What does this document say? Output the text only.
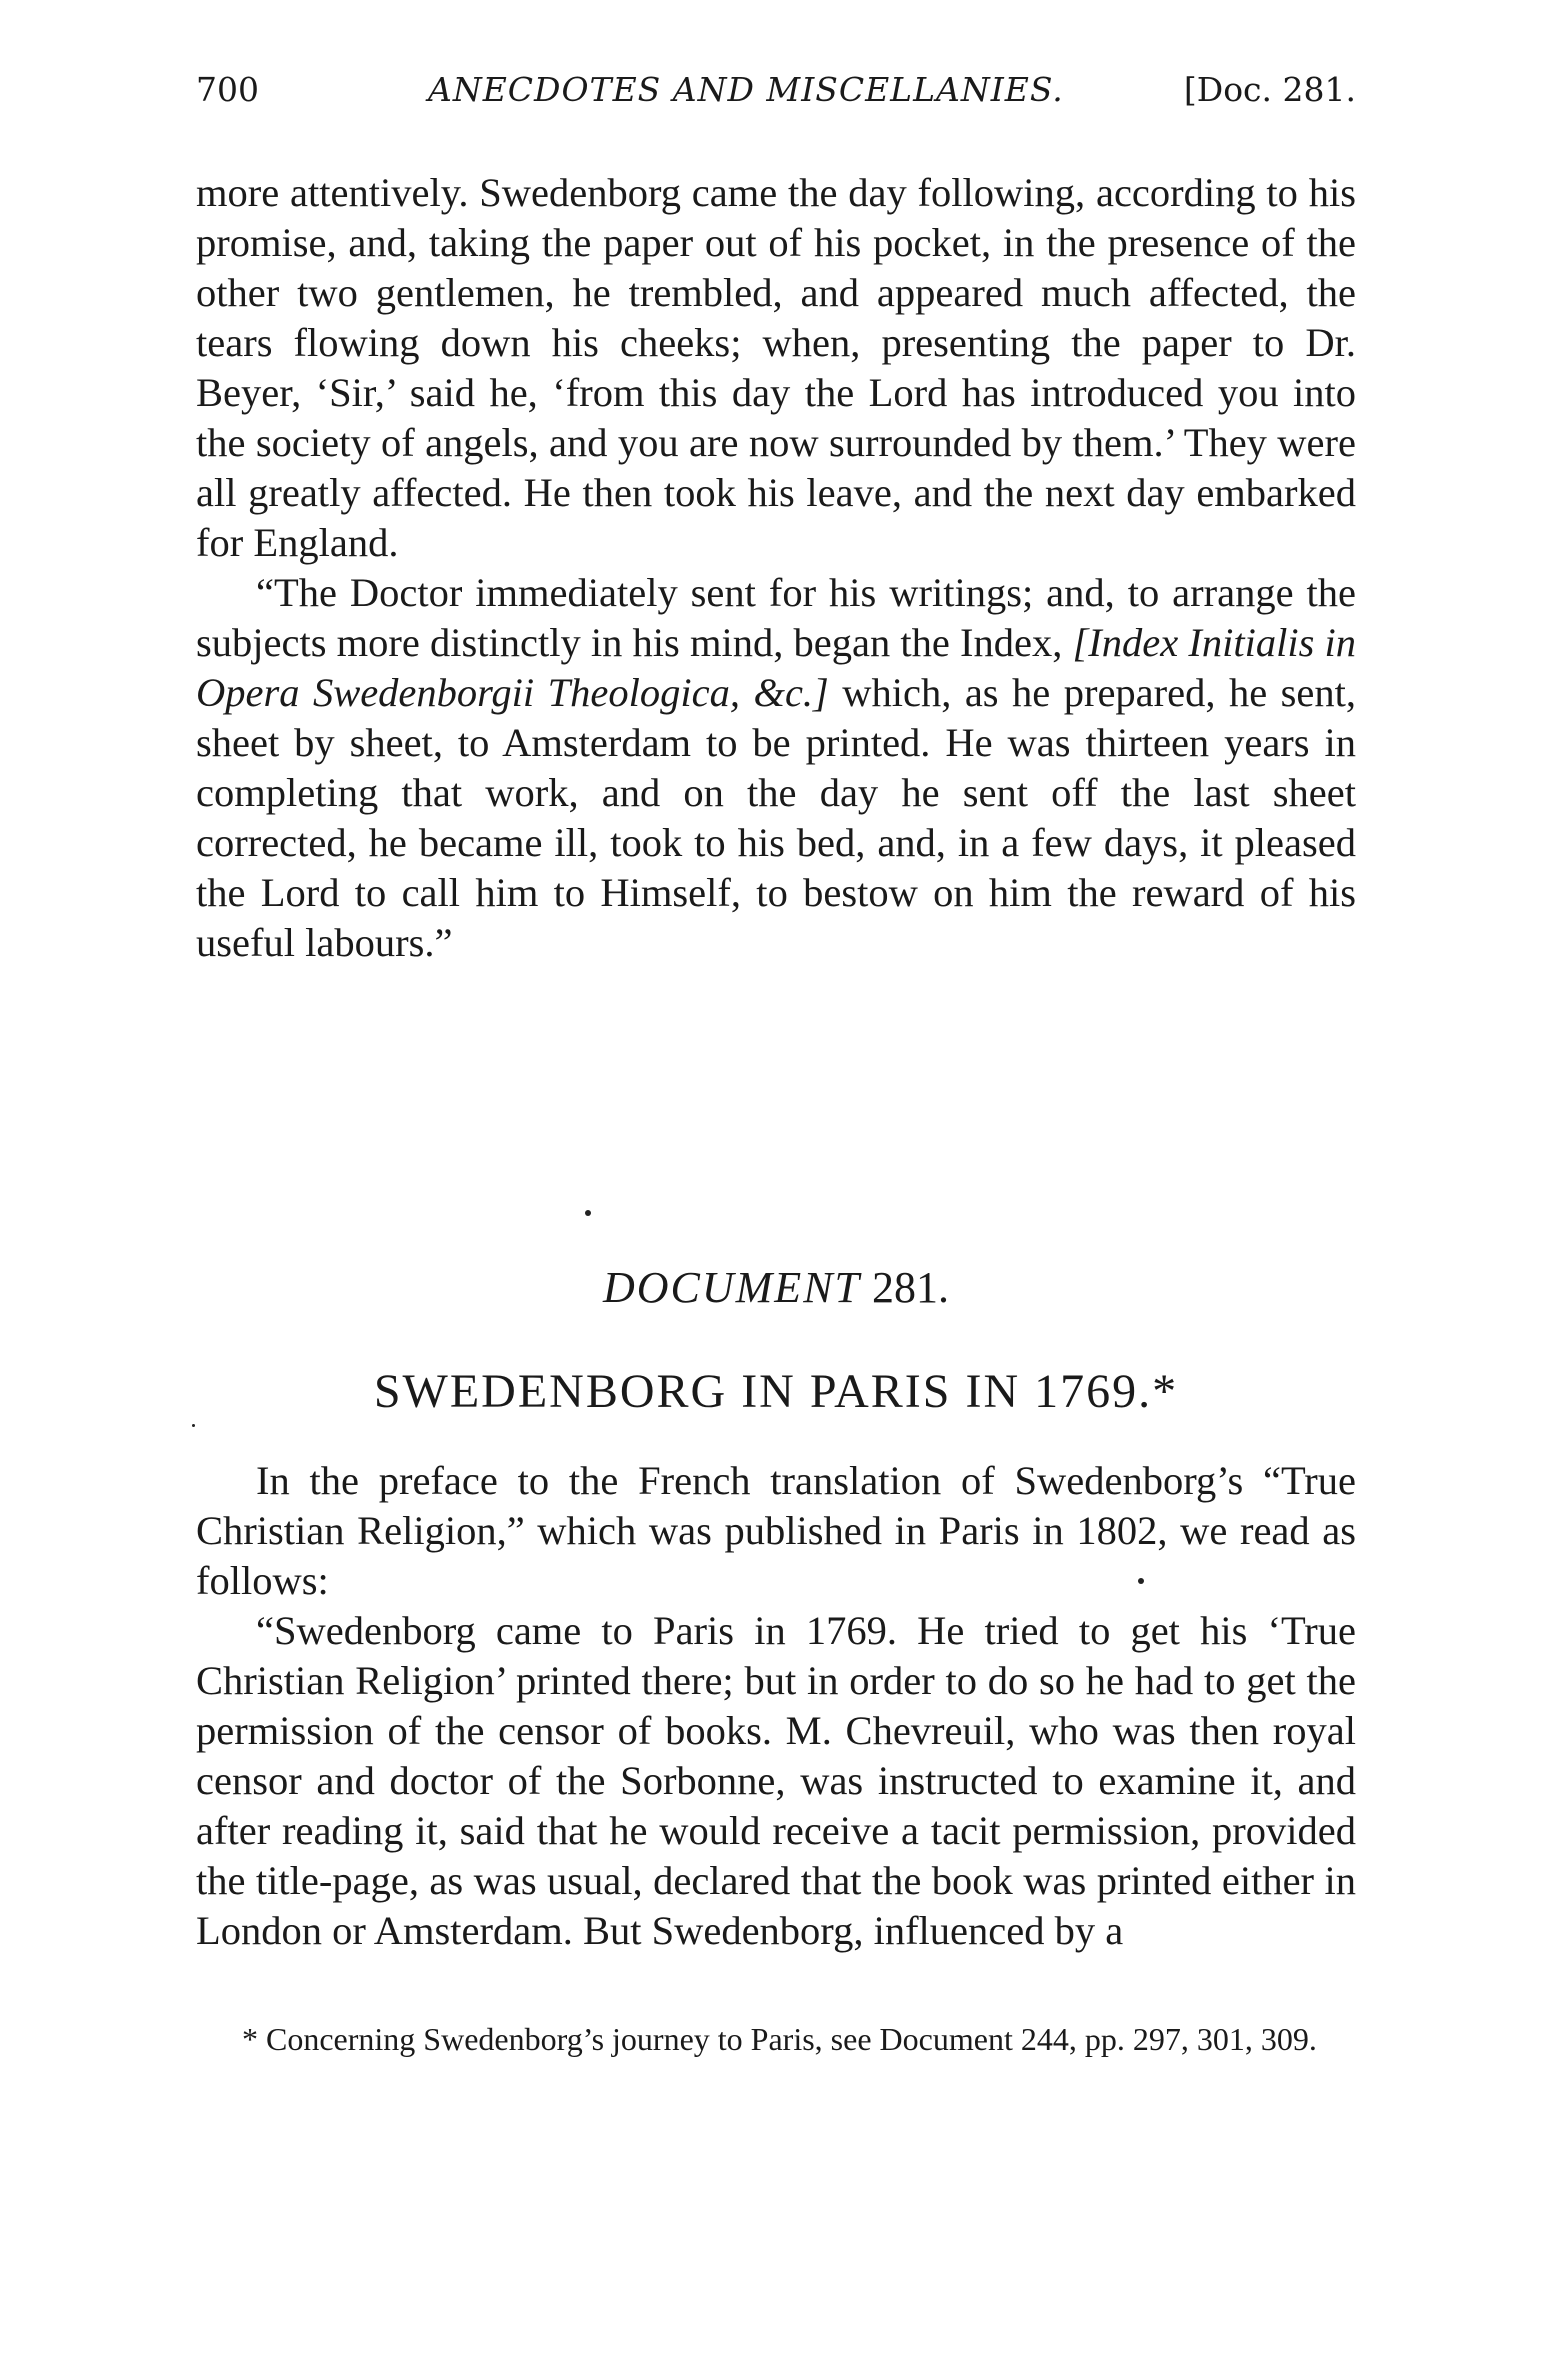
700	ANECDOTES AND MISCELLANIES.	[Doc. 281.

more attentively. Swedenborg came the day following, according to his promise, and, taking the paper out of his pocket, in the presence of the other two gentlemen, he trembled, and appeared much affected, the tears flowing down his cheeks; when, presenting the paper to Dr. Beyer, ‘Sir,’ said he, ‘from this day the Lord has introduced you into the society of angels, and you are now surrounded by them.’ They were all greatly affected. He then took his leave, and the next day embarked for England.

“The Doctor immediately sent for his writings; and, to arrange the subjects more distinctly in his mind, began the Index, [Index Initialis in Opera Swedenborgii Theologica, &c.] which, as he prepared, he sent, sheet by sheet, to Amsterdam to be printed. He was thirteen years in completing that work, and on the day he sent off the last sheet corrected, he became ill, took to his bed, and, in a few days, it pleased the Lord to call him to Himself, to bestow on him the reward of his useful labours.”

DOCUMENT 281.
SWEDENBORG IN PARIS IN 1769.*

In the preface to the French translation of Swedenborg’s “True Christian Religion,” which was published in Paris in 1802, we read as follows:

“Swedenborg came to Paris in 1769. He tried to get his ‘True Christian Religion’ printed there; but in order to do so he had to get the permission of the censor of books. M. Chevreuil, who was then royal censor and doctor of the Sorbonne, was instructed to examine it, and after reading it, said that he would receive a tacit permission, provided the title-page, as was usual, declared that the book was printed either in London or Amsterdam. But Swedenborg, influenced by a

* Concerning Swedenborg’s journey to Paris, see Document 244, pp. 297, 301, 309.
